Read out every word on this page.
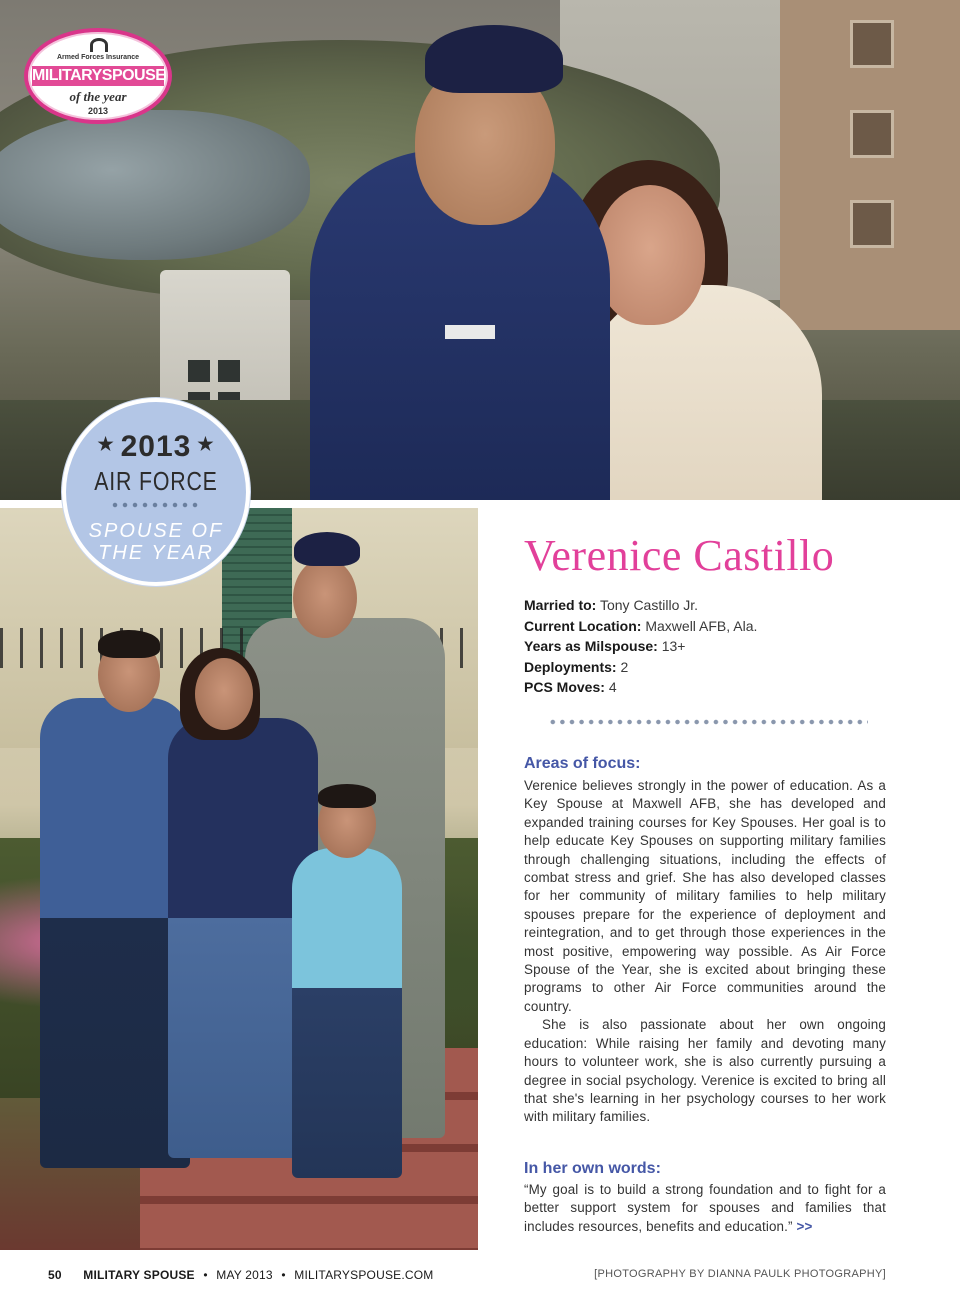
Armed Forces Insurance
MILITARYSPOUSE
of the year
2013
★ 2013 ★
AIR FORCE
SPOUSE OF
THE YEAR	Verenice Castillo
Married to: Tony Castillo Jr.
Current Location: Maxwell AFB, Ala.
Years as Milspouse: 13+
Deployments: 2
PCS Moves: 4
Areas of focus:

Verenice believes strongly in the power of education. As a Key Spouse at Maxwell AFB, she has developed and expanded training courses for Key Spouses. Her goal is to help educate Key Spouses on supporting military families through challenging situations, including the effects of combat stress and grief. She has also developed classes for her community of military families to help military spouses prepare for the experience of deployment and reintegration, and to get through those experiences in the most positive, empowering way possible. As Air Force Spouse of the Year, she is excited about bringing these programs to other Air Force communities around the country.

She is also passionate about her own ongoing education: While raising her family and devoting many hours to volunteer work, she is also currently pursuing a degree in social psychology. Verenice is excited to bring all that she's learning in her psychology courses to her work with military families.

In her own words:

“My goal is to build a strong foundation and to fight for a better support system for spouses and families that includes resources, benefits and education.” >>

50 MILITARY SPOUSE • MAY 2013 • MILITARYSPOUSE.COM	[PHOTOGRAPHY BY DIANNA PAULK PHOTOGRAPHY]
